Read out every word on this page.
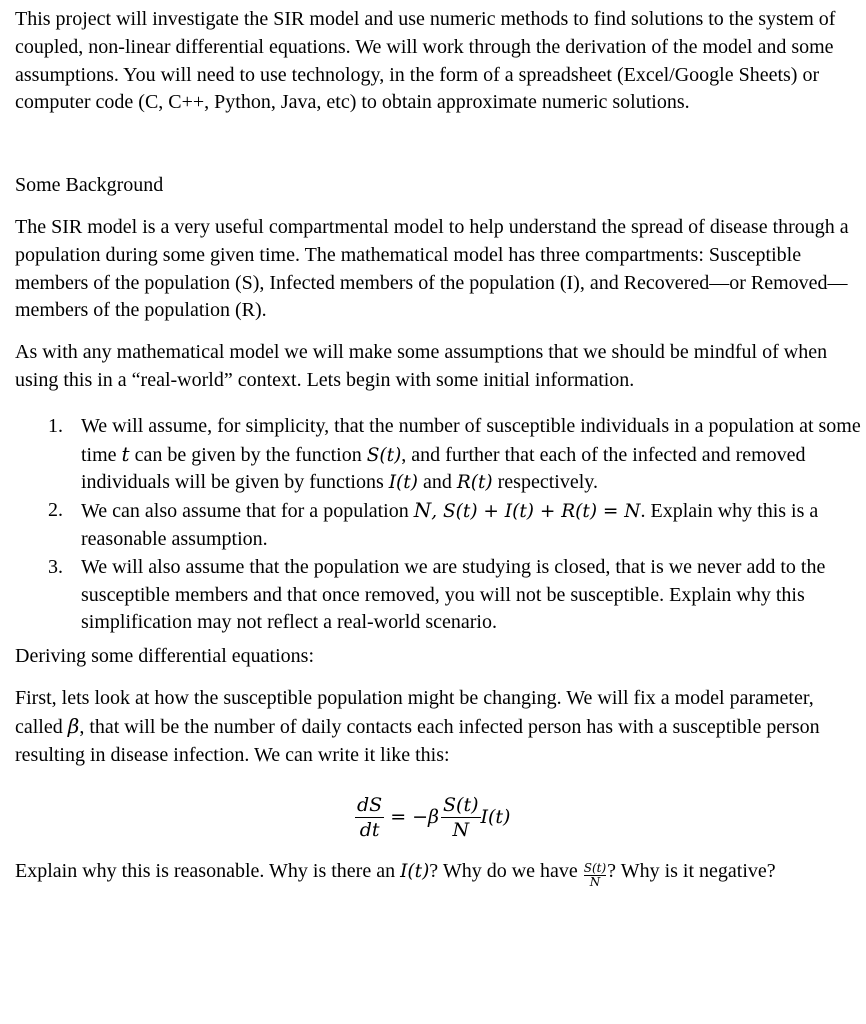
This project will investigate the SIR model and use numeric methods to find solutions to the system of coupled, non-linear differential equations. We will work through the derivation of the model and some assumptions. You will need to use technology, in the form of a spreadsheet (Excel/Google Sheets) or computer code (C, C++, Python, Java, etc) to obtain approximate numeric solutions.

Some Background

The SIR model is a very useful compartmental model to help understand the spread of disease through a population during some given time. The mathematical model has three compartments: Susceptible members of the population (S), Infected members of the population (I), and Recovered—or Removed—members of the population (R).

As with any mathematical model we will make some assumptions that we should be mindful of when using this in a “real-world” context. Lets begin with some initial information.

1. We will assume, for simplicity, that the number of susceptible individuals in a population at some time t can be given by the function S(t), and further that each of the infected and removed individuals will be given by functions I(t) and R(t) respectively.
2. We can also assume that for a population N, S(t) + I(t) + R(t) = N. Explain why this is a reasonable assumption.
3. We will also assume that the population we are studying is closed, that is we never add to the susceptible members and that once removed, you will not be susceptible. Explain why this simplification may not reflect a real-world scenario.

Deriving some differential equations:

First, lets look at how the susceptible population might be changing. We will fix a model parameter, called β, that will be the number of daily contacts each infected person has with a susceptible person resulting in disease infection. We can write it like this:

$\frac{dS}{dt} = -\beta \frac{S(t)}{N} I(t)$

Explain why this is reasonable. Why is there an I(t)? Why do we have $\frac{S(t)}{N}$ ? Why is it negative?
